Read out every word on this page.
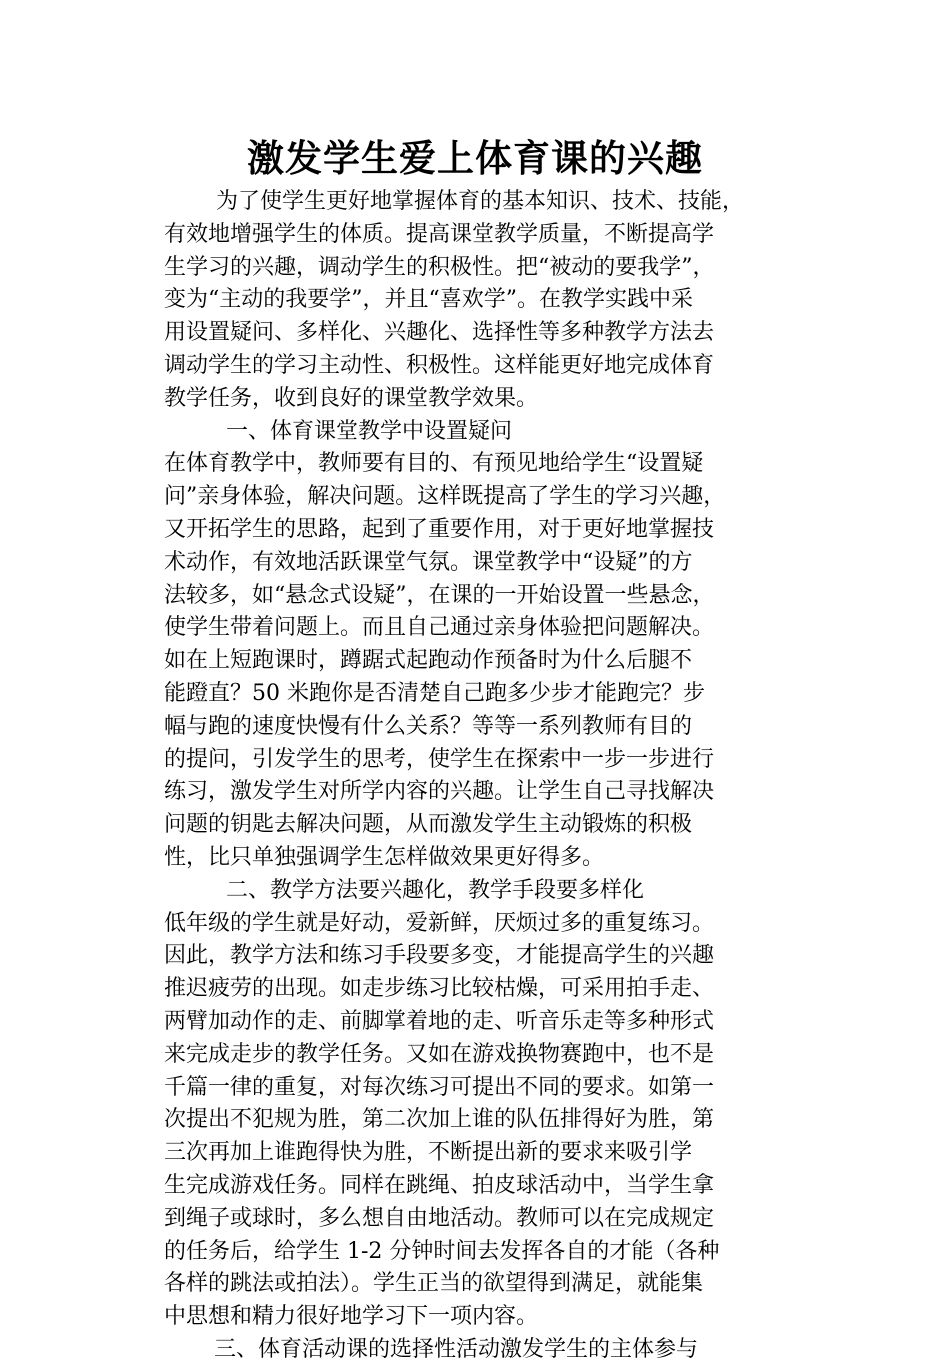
激发学生爱上体育课的兴趣
为了使学生更好地掌握体育的基本知识、技术、技能，
有效地增强学生的体质。提高课堂教学质量，不断提高学
生学习的兴趣，调动学生的积极性。把“被动的要我学”，
变为“主动的我要学”，并且“喜欢学”。在教学实践中采
用设置疑问、多样化、兴趣化、选择性等多种教学方法去
调动学生的学习主动性、积极性。这样能更好地完成体育
教学任务，收到良好的课堂教学效果。
一、体育课堂教学中设置疑问
在体育教学中，教师要有目的、有预见地给学生“设置疑
问”亲身体验，解决问题。这样既提高了学生的学习兴趣，
又开拓学生的思路，起到了重要作用，对于更好地掌握技
术动作，有效地活跃课堂气氛。课堂教学中“设疑”的方
法较多，如“悬念式设疑”，在课的一开始设置一些悬念，
使学生带着问题上。而且自己通过亲身体验把问题解决。
如在上短跑课时，蹲踞式起跑动作预备时为什么后腿不
能蹬直？50 米跑你是否清楚自己跑多少步才能跑完？步
幅与跑的速度快慢有什么关系？等等一系列教师有目的
的提问，引发学生的思考，使学生在探索中一步一步进行
练习，激发学生对所学内容的兴趣。让学生自己寻找解决
问题的钥匙去解决问题，从而激发学生主动锻炼的积极
性，比只单独强调学生怎样做效果更好得多。
二、教学方法要兴趣化，教学手段要多样化
低年级的学生就是好动，爱新鲜，厌烦过多的重复练习。
因此，教学方法和练习手段要多变，才能提高学生的兴趣
推迟疲劳的出现。如走步练习比较枯燥，可采用拍手走、
两臂加动作的走、前脚掌着地的走、听音乐走等多种形式
来完成走步的教学任务。又如在游戏换物赛跑中，也不是
千篇一律的重复，对每次练习可提出不同的要求。如第一
次提出不犯规为胜，第二次加上谁的队伍排得好为胜，第
三次再加上谁跑得快为胜，不断提出新的要求来吸引学
生完成游戏任务。同样在跳绳、拍皮球活动中，当学生拿
到绳子或球时，多么想自由地活动。教师可以在完成规定
的任务后，给学生 1-2 分钟时间去发挥各自的才能（各种
各样的跳法或拍法）。学生正当的欲望得到满足，就能集
中思想和精力很好地学习下一项内容。
三、体育活动课的选择性活动激发学生的主体参与
